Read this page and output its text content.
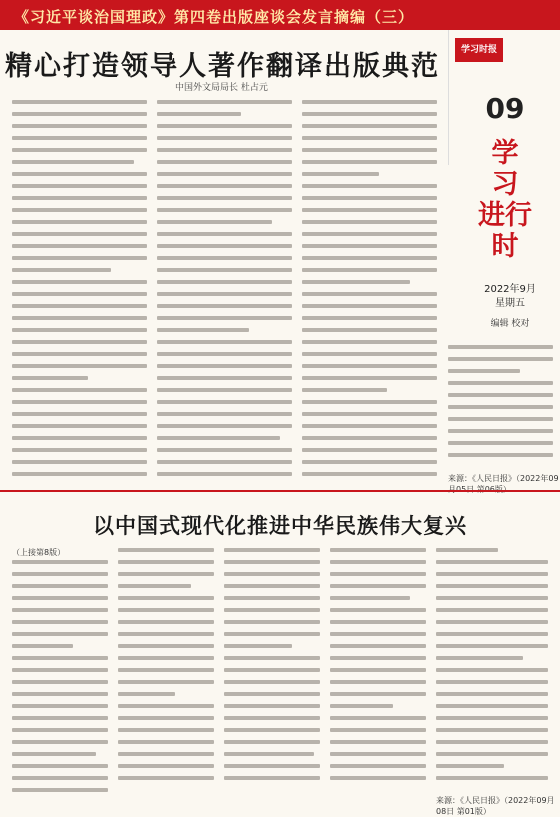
《习近平谈治国理政》第四卷出版座谈会发言摘编（三）
精心打造领导人著作翻译出版典范
中国外文局局长 杜占元
学习时报
09
学
习
进行时
2022年9月
星期五
编辑 校对
来源：《人民日报》（2022年09
以中国式现代化推进中华民族伟大复兴
（上接第8版）
来源：《人民日报》（2022年09月08日 第01版）
